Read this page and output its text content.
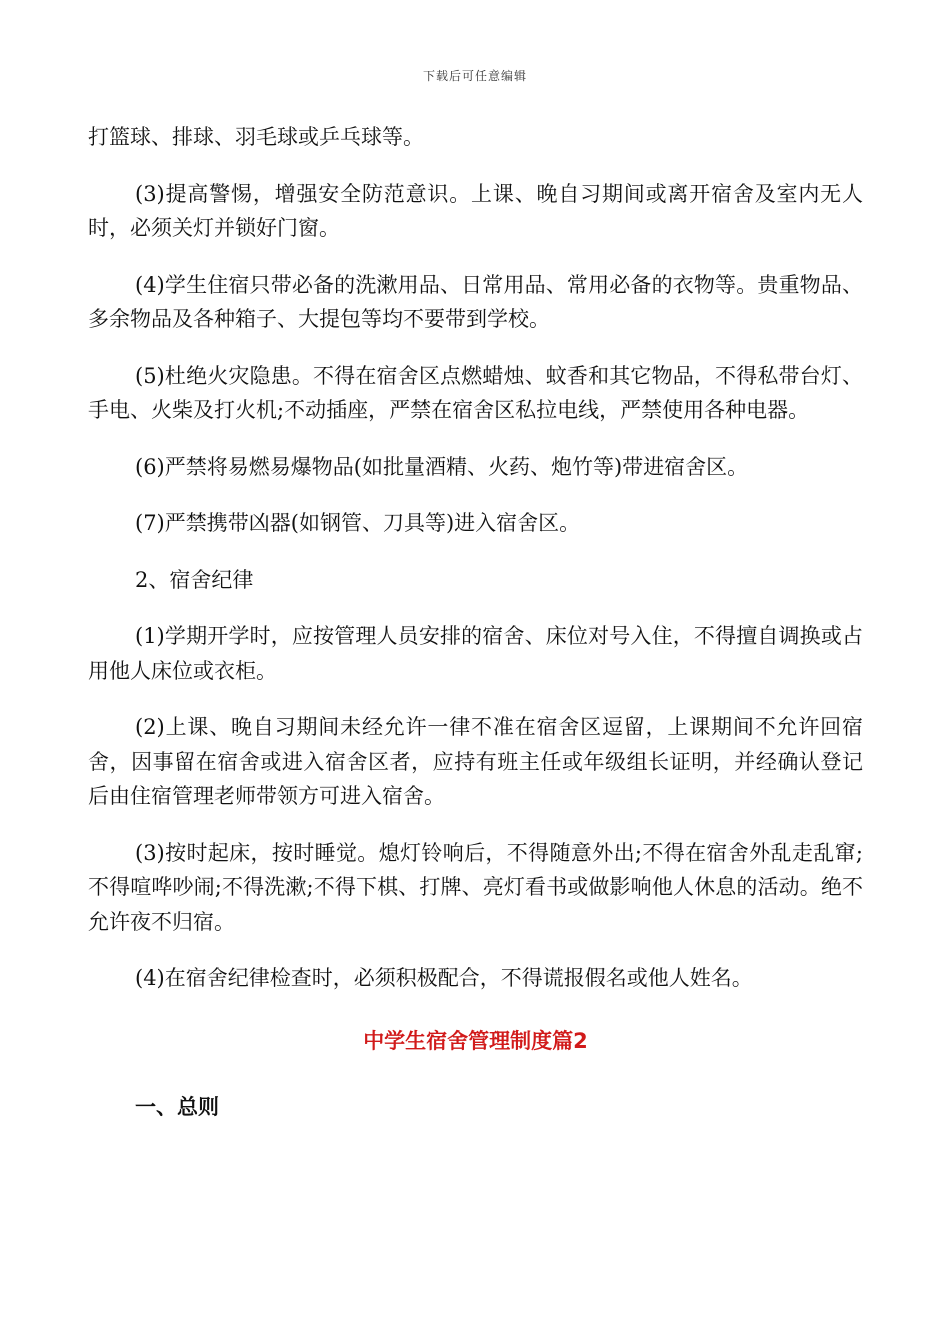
下载后可任意编辑

打篮球、排球、羽毛球或乒乓球等。

(3)提高警惕，增强安全防范意识。上课、晚自习期间或离开宿舍及室内无人时，必须关灯并锁好门窗。

(4)学生住宿只带必备的洗漱用品、日常用品、常用必备的衣物等。贵重物品、多余物品及各种箱子、大提包等均不要带到学校。

(5)杜绝火灾隐患。不得在宿舍区点燃蜡烛、蚊香和其它物品，不得私带台灯、手电、火柴及打火机;不动插座，严禁在宿舍区私拉电线，严禁使用各种电器。

(6)严禁将易燃易爆物品(如批量酒精、火药、炮竹等)带进宿舍区。

(7)严禁携带凶器(如钢管、刀具等)进入宿舍区。

2、宿舍纪律

(1)学期开学时，应按管理人员安排的宿舍、床位对号入住，不得擅自调换或占用他人床位或衣柜。

(2)上课、晚自习期间未经允许一律不准在宿舍区逗留，上课期间不允许回宿舍，因事留在宿舍或进入宿舍区者，应持有班主任或年级组长证明，并经确认登记后由住宿管理老师带领方可进入宿舍。

(3)按时起床，按时睡觉。熄灯铃响后，不得随意外出;不得在宿舍外乱走乱窜;不得喧哗吵闹;不得洗漱;不得下棋、打牌、亮灯看书或做影响他人休息的活动。绝不允许夜不归宿。

(4)在宿舍纪律检查时，必须积极配合，不得谎报假名或他人姓名。

中学生宿舍管理制度篇2
一、总则
